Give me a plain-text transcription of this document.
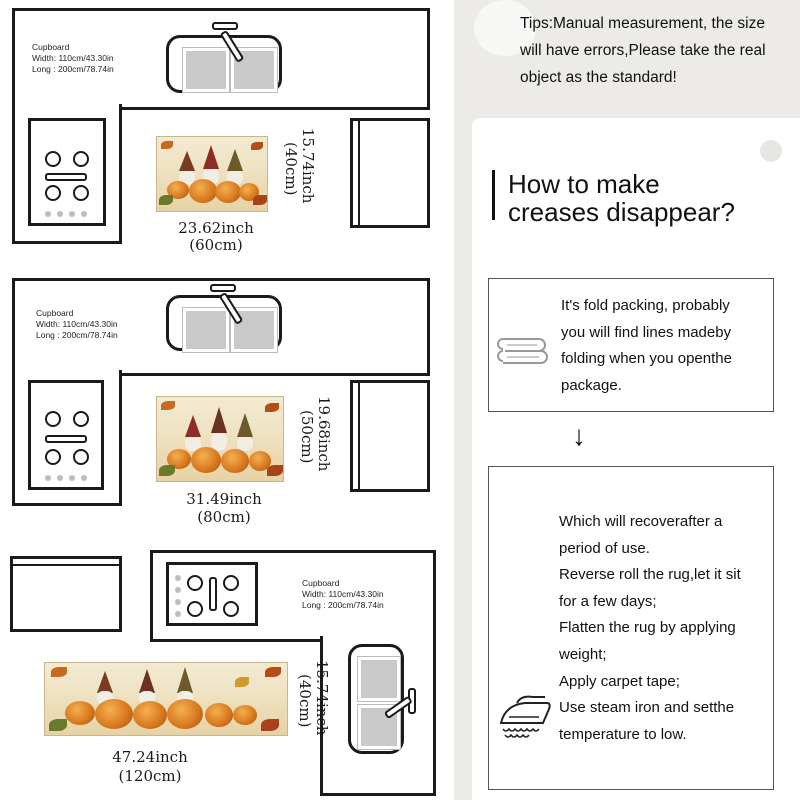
Cupboard
Width: 110cm/43.30in
Long : 200cm/78.74in
23.62inch
(60cm)
15.74inch
(40cm)
Cupboard
Width: 110cm/43.30in
Long : 200cm/78.74in
31.49inch
(80cm)
19.68inch
(50cm)
Cupboard
Width: 110cm/43.30in
Long : 200cm/78.74in
47.24inch
(120cm)
15.74inch
(40cm)
Tips:Manual measurement, the size
will have errors,Please take the real
object as the standard!
How to make
creases disappear?
It's fold packing, probably
you will find lines madeby
folding when you openthe
package.
↓
Which will recoverafter a
period of use.
Reverse roll the rug,let it sit
for a few days;
Flatten the rug by applying
weight;
Apply carpet tape;
Use steam iron and setthe
temperature to low.
